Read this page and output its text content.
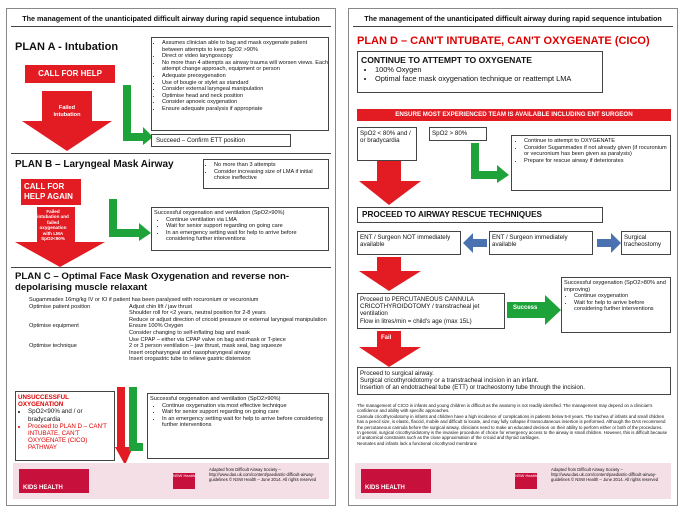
The management of the unanticipated difficult airway during rapid sequence intubation
PLAN A - Intubation
CALL FOR HELP
Failed intubation
• Assumes clinician able to bag and mask oxygenate patient between attempts to keep SpO2 >90%
• Direct or video laryngoscopy
• No more than 4 attempts as airway trauma will worsen views. Each attempt change approach, equipment or person
• Adequate preoxygenation
• Use of bougie or stylet as standard
• Consider external laryngeal manipulation
• Optimise head and neck position
• Consider apnoeic oxygenation
• Ensure adequate paralysis if appropriate
Succeed – Confirm ETT position
PLAN B – Laryngeal Mask Airway
•	No more than 3 attempts
• Consider increasing size of LMA if initial choice ineffective
CALL FOR HELP AGAIN
Failed intubation and failed oxygenation with LMA SpO2<90%
Successful oxygenation and ventilation (SpO2>90%)
• Continue ventilation via LMA
• Wait for senior support regarding on going care
• In an emergency setting wait for help to arrive before considering further interventions
PLAN C – Optimal Face Mask Oxygenation and reverse non-depolarising muscle relaxant
Sugammadex 16mg/kg IV or IO if patient has been paralysed with rocuronium or vecuronium
Optimise patient position	Adjust chin lift / jaw thrust
Shoulder roll for <2 years, neutral position for 2-8 years
Reduce or adjust direction of cricoid pressure or external laryngeal manipulation
Optimise equipment	Ensure 100% Oxygen
Consider changing to self-inflating bag and mask
Use CPAP – either via CPAP valve on bag and mask or T-piece
Optimise technique	2 or 3 person ventilation – jaw thrust, mask seal, bag squeeze
Insert oropharyngeal and nasopharyngeal airway
Insert orogastric tube to relieve gastric distension
UNSUCCESSFUL OXYGENATION
• SpO2<90% and / or bradycardia
• Proceed to PLAN D – CAN'T INTUBATE, CAN'T OXYGENATE (CICO) PATHWAY
Successful oxygenation and ventilation (SpO2>90%)
• Continue oxygenation via most effective technique
• Wait for senior support regarding on going care
• In an emergency setting wait for help to arrive before considering further interventions
KIDS HEALTH
NSW Health
Adapted from Difficult Airway Society – http://www.das.uk.com/content/paediatric-difficult-airway-guidelines © NSW Health – June 2014. All rights reserved
The management of the unanticipated difficult airway during rapid sequence intubation
PLAN D – CAN'T INTUBATE, CAN'T OXYGENATE (CICO)
CONTINUE TO ATTEMPT TO OXYGENATE
• 100% Oxygen
• Optimal face mask oxygenation technique or reattempt LMA
ENSURE MOST EXPERIENCED TEAM IS AVAILABLE INCLUDING ENT SURGEON
SpO2 < 80% and / or bradycardia
SpO2 > 80%
• Continue to attempt to OXYGENATE
• Consider Sugammadex if not already given (if rocuronium or vecuronium has been given as paralysis)
• Prepare for rescue airway if deteriorates
PROCEED TO AIRWAY RESCUE TECHNIQUES
ENT / Surgeon NOT immediately available
ENT / Surgeon immediately available
Surgical tracheostomy
Proceed to PERCUTANEOUS CANNULA CRICOTHYROIDOTOMY / transtracheal jet ventilation
Flow in litres/min = child's age (max 15L)
Success
Successful oxygenation (SpO2>80% and improving)
• Continue oxygenation
• Wait for help to arrive before considering further interventions
Fail
Proceed to surgical airway.
Surgical cricothyroidotomy or a transtracheal incision in an infant.
Insertion of an endotracheal tube (ETT) or tracheostomy tube through the incision.
The management of CICO in infants and young children is difficult as the anatomy is not readily identified. The management may depend on a clinician's confidence and ability with specific approaches.
Cannula cricothyroidotomy in infants and children have a high incidence of complications in patients below 5-8 years. The trachea of infants and small children has a pencil size, is elastic, flaccid, mobile and difficult to locate, and may fully collapse if transcutaneous insertion is performed. Although the DAS recommend the percutaneous cannula before the surgical airway, clinicians need to make an educated decision on their ability to perform either or both of the procedures.
In general, surgical cricothyroidotomy is the invasive procedure of choice for emergency access to the airway in small children. However, this is difficult because of anatomical constraints such as the close approximation of the cricoid and thyroid cartilages.
Neonates and infants lack a functional cricothyroid membrane
KIDS HEALTH
NSW Health
Adapted from Difficult Airway Society – http://www.das.uk.com/content/paediatric-difficult-airway-guidelines © NSW Health – June 2014. All rights reserved
